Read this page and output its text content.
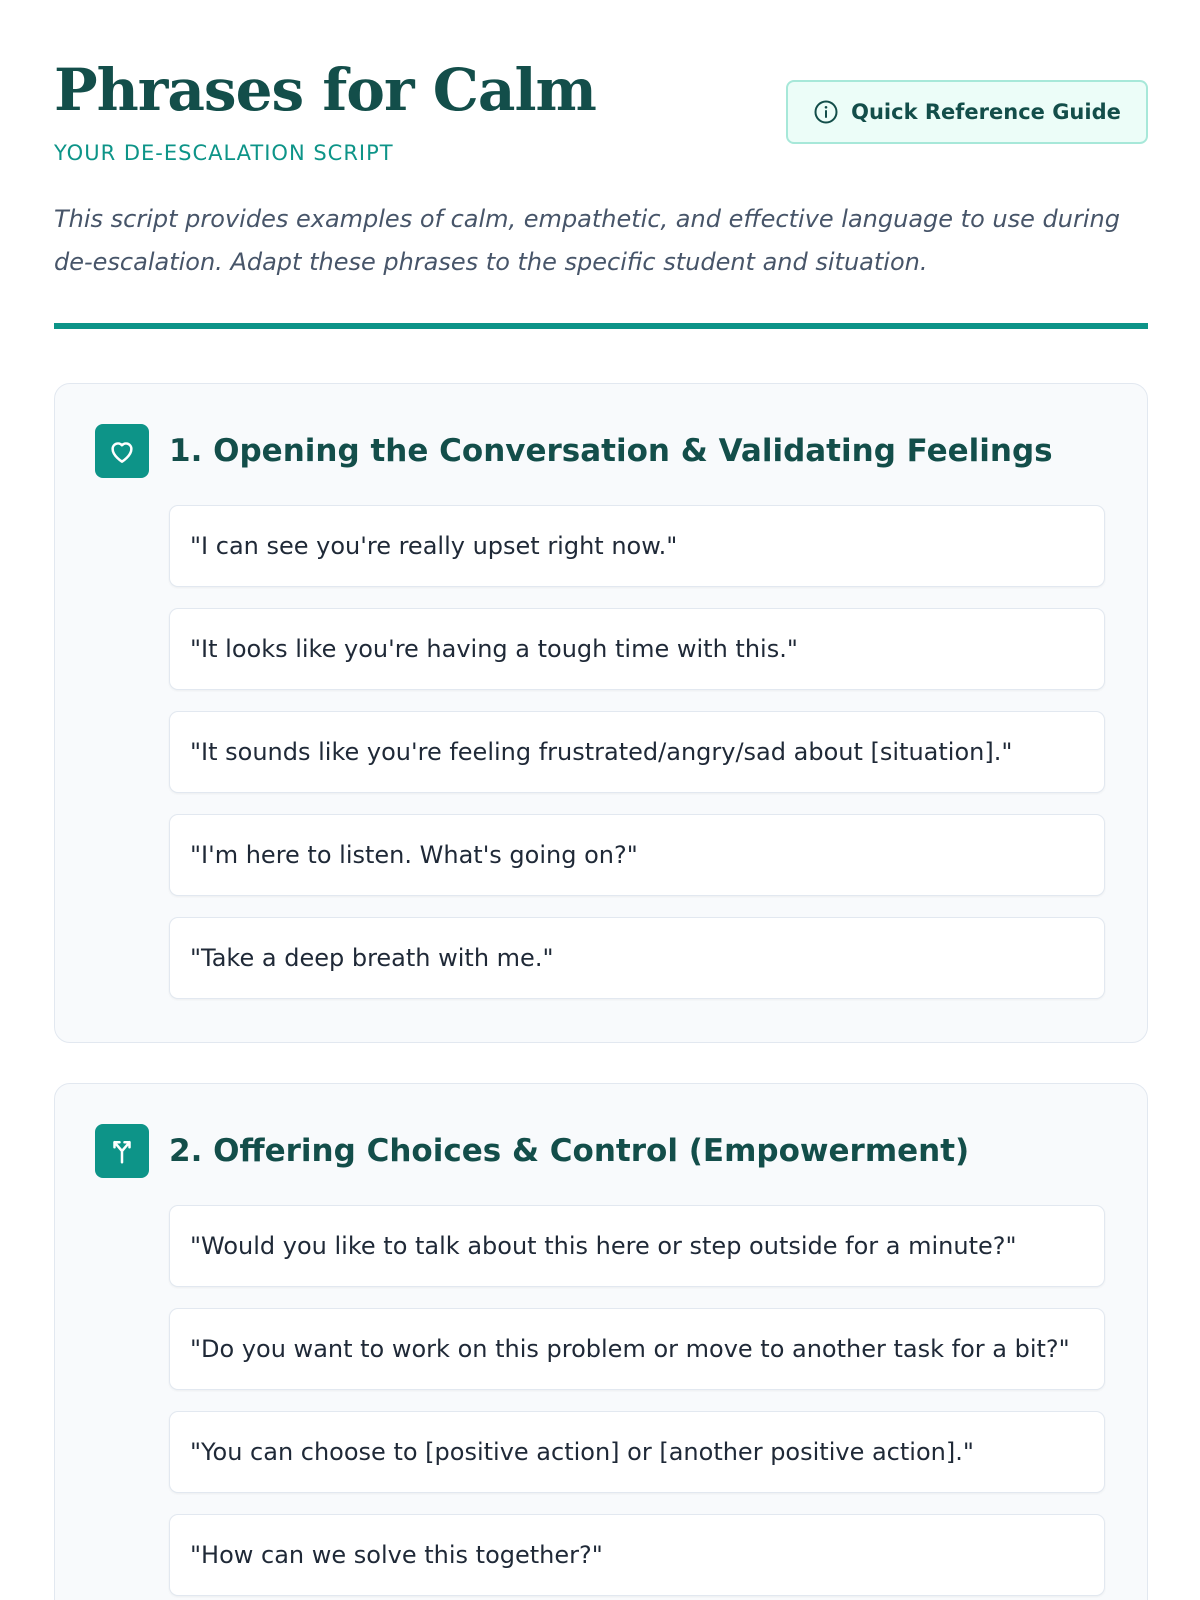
Phrases for Calm
YOUR DE-ESCALATION SCRIPT
Quick Reference Guide

This script provides examples of calm, empathetic, and effective language to use during de-escalation. Adapt these phrases to the specific student and situation.

1. Opening the Conversation & Validating Feelings
"I can see you're really upset right now."
"It looks like you're having a tough time with this."
"It sounds like you're feeling frustrated/angry/sad about [situation]."
"I'm here to listen. What's going on?"
"Take a deep breath with me."
2. Offering Choices & Control (Empowerment)
"Would you like to talk about this here or step outside for a minute?"
"Do you want to work on this problem or move to another task for a bit?"
"You can choose to [positive action] or [another positive action]."
"How can we solve this together?"
